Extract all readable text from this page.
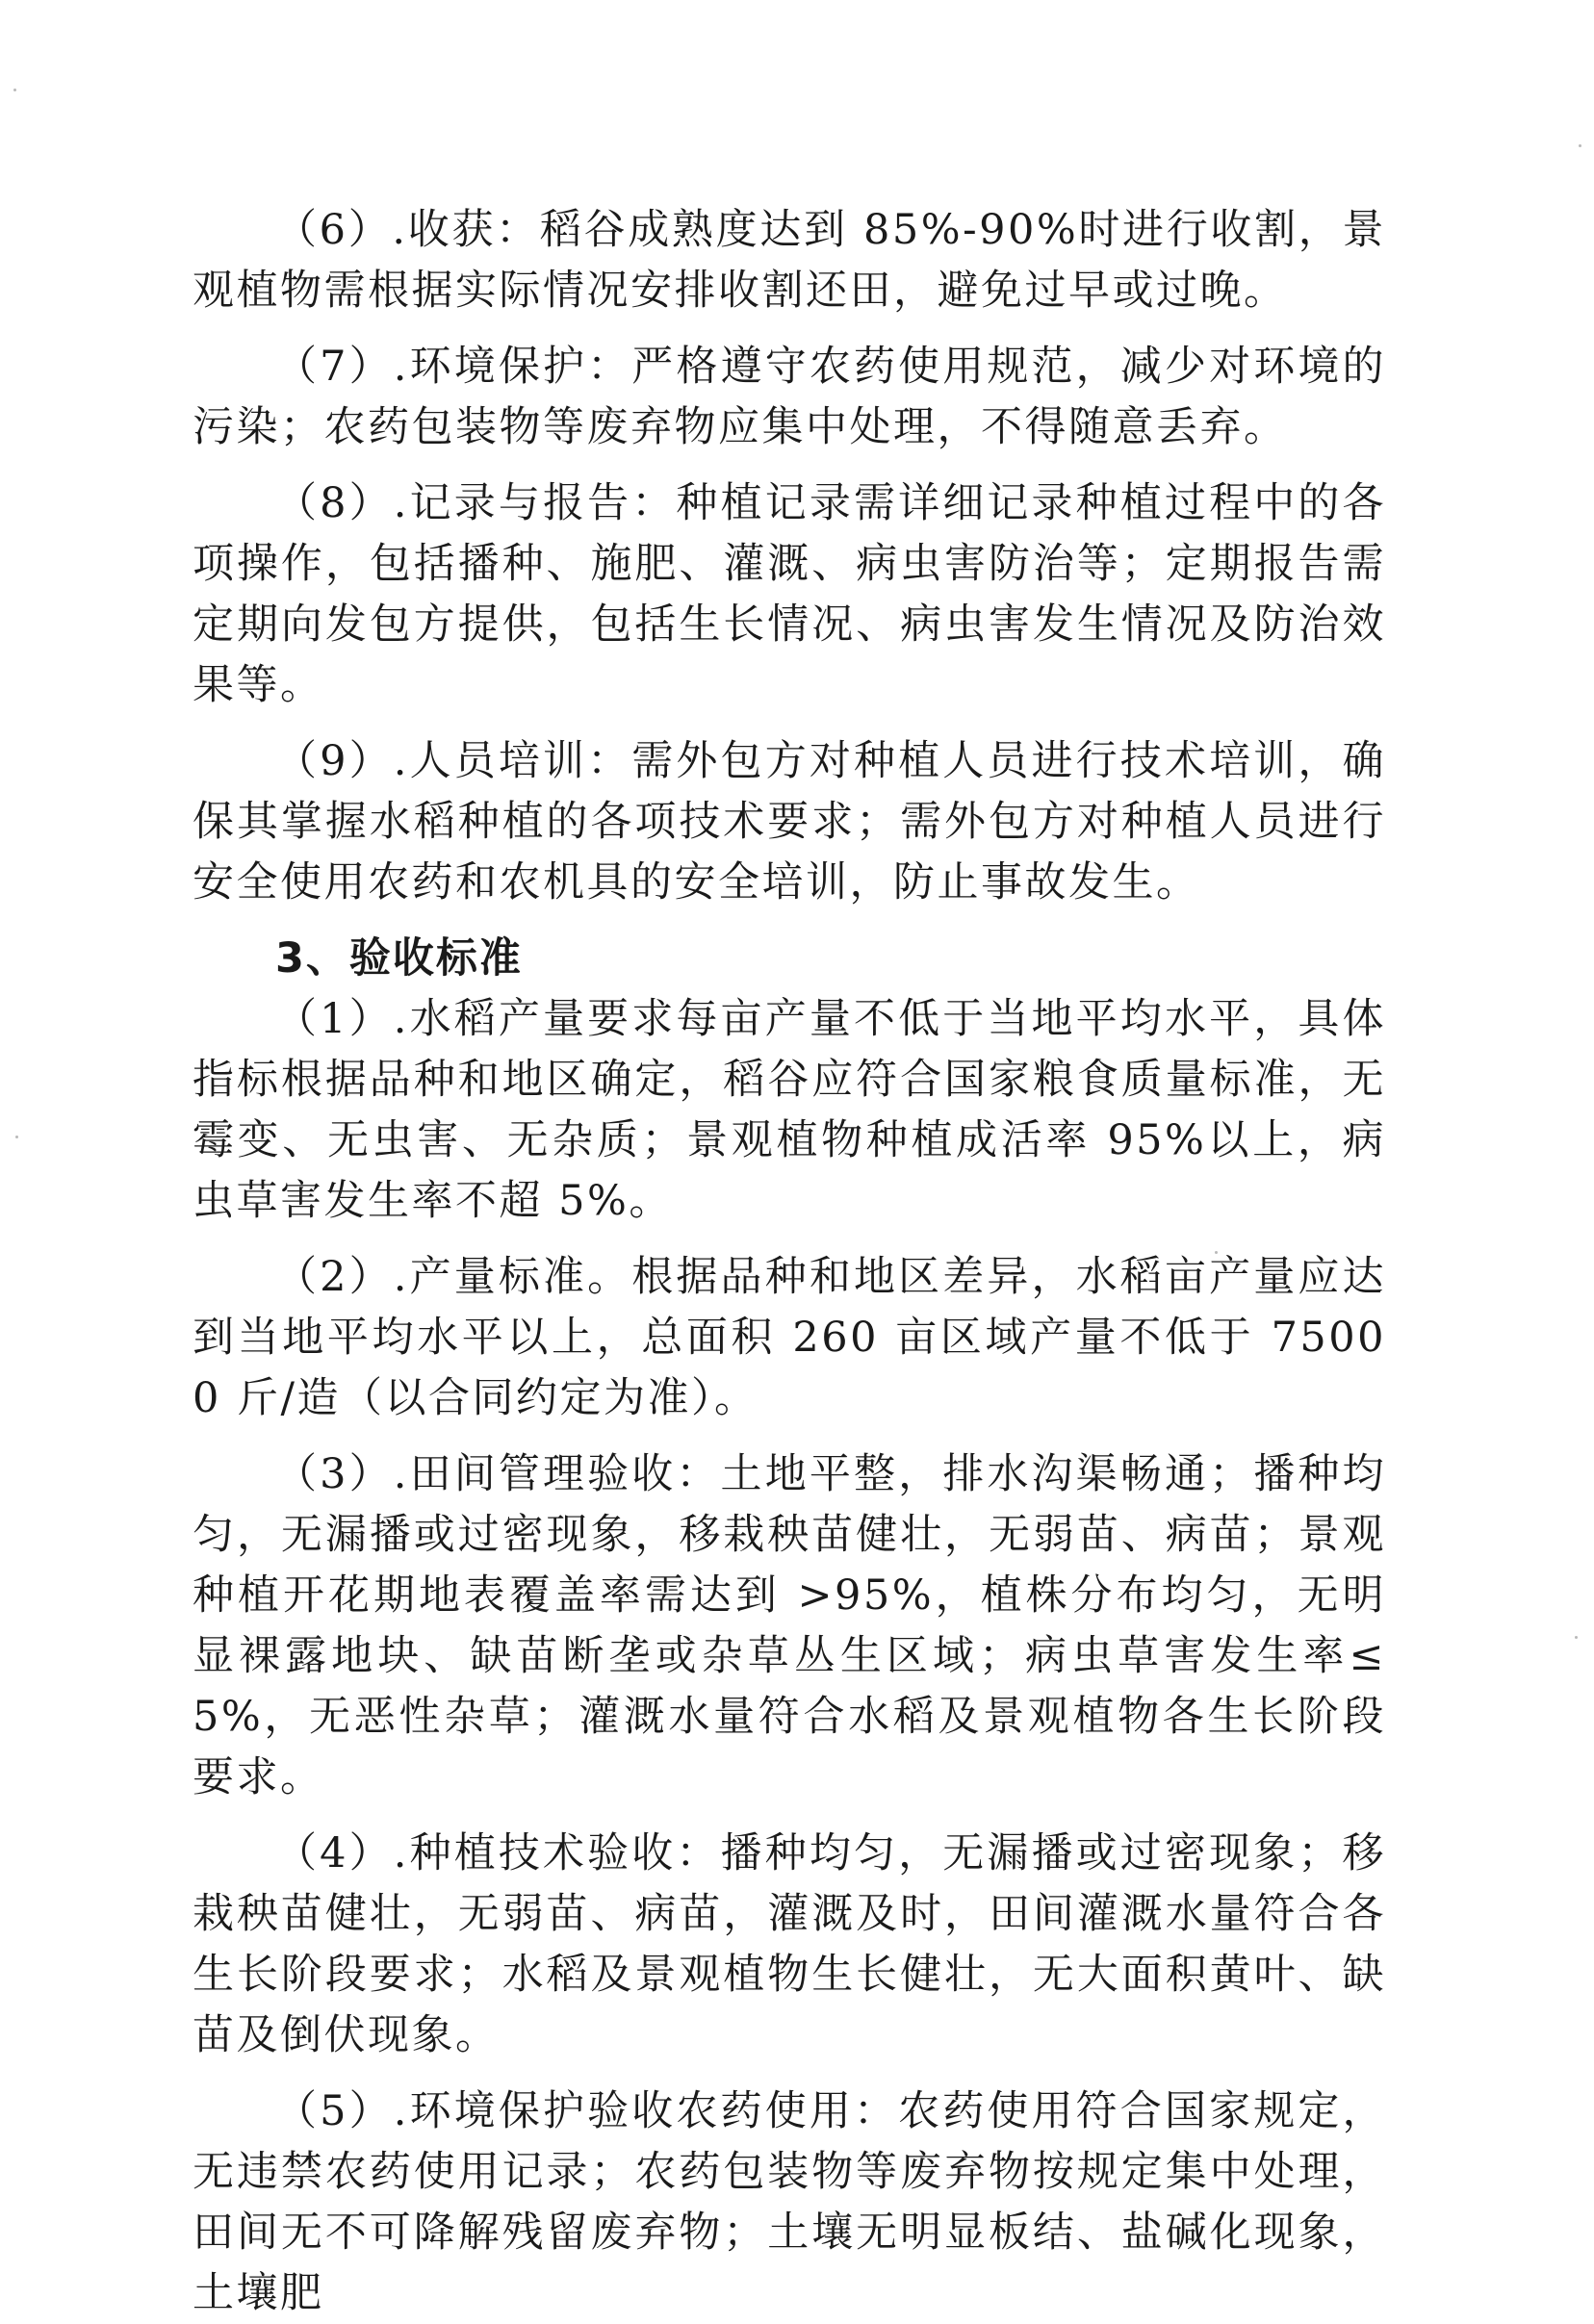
（6）.收获：稻谷成熟度达到 85%-90%时进行收割，景观植物需根据实际情况安排收割还田，避免过早或过晚。

（7）.环境保护：严格遵守农药使用规范，减少对环境的污染；农药包装物等废弃物应集中处理，不得随意丢弃。

（8）.记录与报告：种植记录需详细记录种植过程中的各项操作，包括播种、施肥、灌溉、病虫害防治等；定期报告需定期向发包方提供，包括生长情况、病虫害发生情况及防治效果等。

（9）.人员培训：需外包方对种植人员进行技术培训，确保其掌握水稻种植的各项技术要求；需外包方对种植人员进行安全使用农药和农机具的安全培训，防止事故发生。

3、验收标准

（1）.水稻产量要求每亩产量不低于当地平均水平，具体指标根据品种和地区确定，稻谷应符合国家粮食质量标准，无霉变、无虫害、无杂质；景观植物种植成活率 95%以上，病虫草害发生率不超 5%。

（2）.产量标准。根据品种和地区差异，水稻亩产量应达到当地平均水平以上，总面积 260 亩区域产量不低于 75000 斤/造（以合同约定为准）。

（3）.田间管理验收：土地平整，排水沟渠畅通；播种均匀，无漏播或过密现象，移栽秧苗健壮，无弱苗、病苗；景观种植开花期地表覆盖率需达到 >95%，植株分布均匀，无明显裸露地块、缺苗断垄或杂草丛生区域；病虫草害发生率≤5%，无恶性杂草；灌溉水量符合水稻及景观植物各生长阶段要求。

（4）.种植技术验收：播种均匀，无漏播或过密现象；移栽秧苗健壮，无弱苗、病苗，灌溉及时，田间灌溉水量符合各生长阶段要求；水稻及景观植物生长健壮，无大面积黄叶、缺苗及倒伏现象。

（5）.环境保护验收农药使用：农药使用符合国家规定，无违禁农药使用记录；农药包装物等废弃物按规定集中处理，田间无不可降解残留废弃物；土壤无明显板结、盐碱化现象，土壤肥
